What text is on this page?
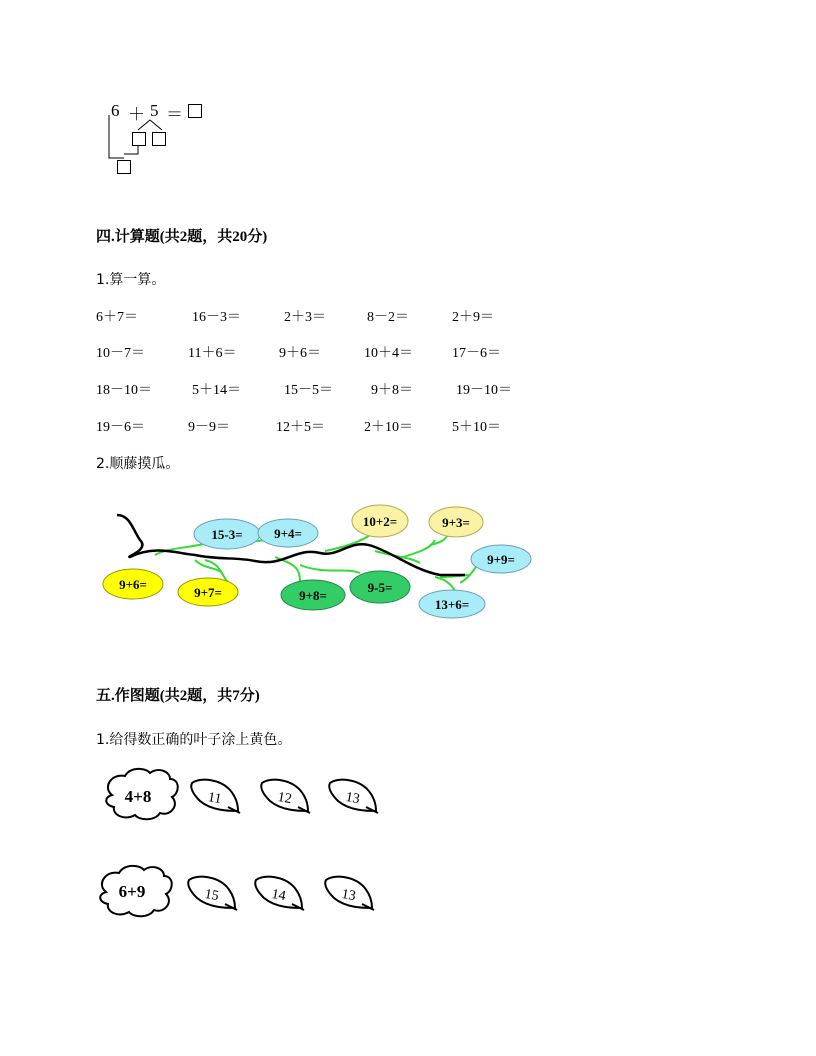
6 ＋ 5 ＝
四.计算题(共2题，共20分)
1.算一算。
6＋7＝	16－3＝	2＋3＝	8－2＝	2＋9＝
10－7＝	11＋6＝	9＋6＝	10＋4＝	17－6＝
18－10＝	5＋14＝	15－5＝	9＋8＝	19－10＝
19－6＝	9－9＝	12＋5＝	2＋10＝	5＋10＝
2.顺藤摸瓜。
15-3= 9+4=
10+2=	9+3=
9+9=
9+6=
9+7=	9+8=
9-5=
13+6=
五.作图题(共2题，共7分)
1.给得数正确的叶子涂上黄色。
4+8	11	12	13
6+9	15	14	13
